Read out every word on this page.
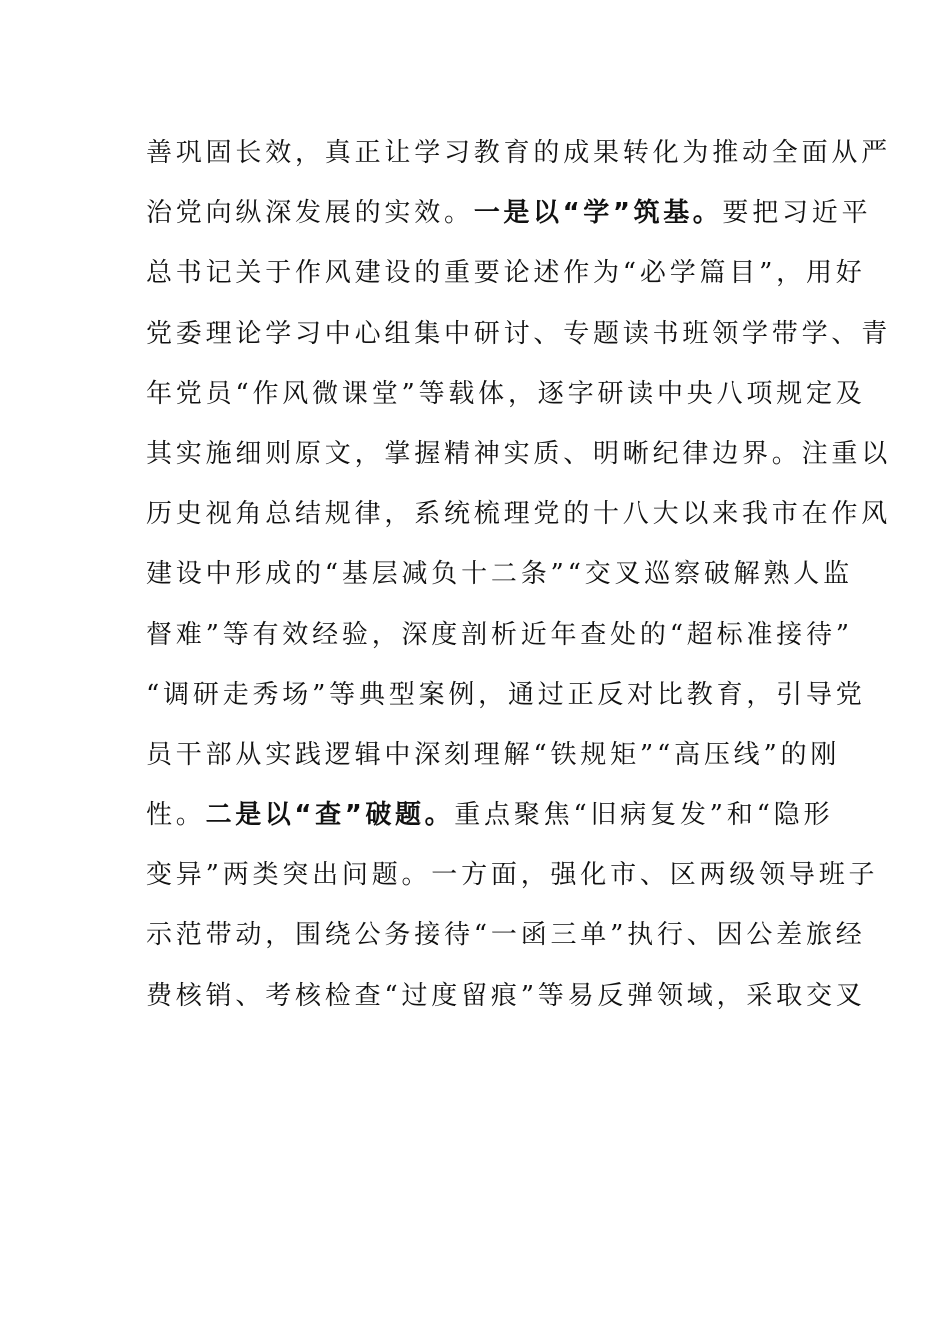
善巩固长效，真正让学习教育的成果转化为推动全面从严
治党向纵深发展的实效。一是以“学”筑基。要把习近平
总书记关于作风建设的重要论述作为“必学篇目”，用好
党委理论学习中心组集中研讨、专题读书班领学带学、青
年党员“作风微课堂”等载体，逐字研读中央八项规定及
其实施细则原文，掌握精神实质、明晰纪律边界。注重以
历史视角总结规律，系统梳理党的十八大以来我市在作风
建设中形成的“基层减负十二条”“交叉巡察破解熟人监
督难”等有效经验，深度剖析近年查处的“超标准接待”
“调研走秀场”等典型案例，通过正反对比教育，引导党
员干部从实践逻辑中深刻理解“铁规矩”“高压线”的刚
性。二是以“查”破题。重点聚焦“旧病复发”和“隐形
变异”两类突出问题。一方面，强化市、区两级领导班子
示范带动，围绕公务接待“一函三单”执行、因公差旅经
费核销、考核检查“过度留痕”等易反弹领域，采取交叉
